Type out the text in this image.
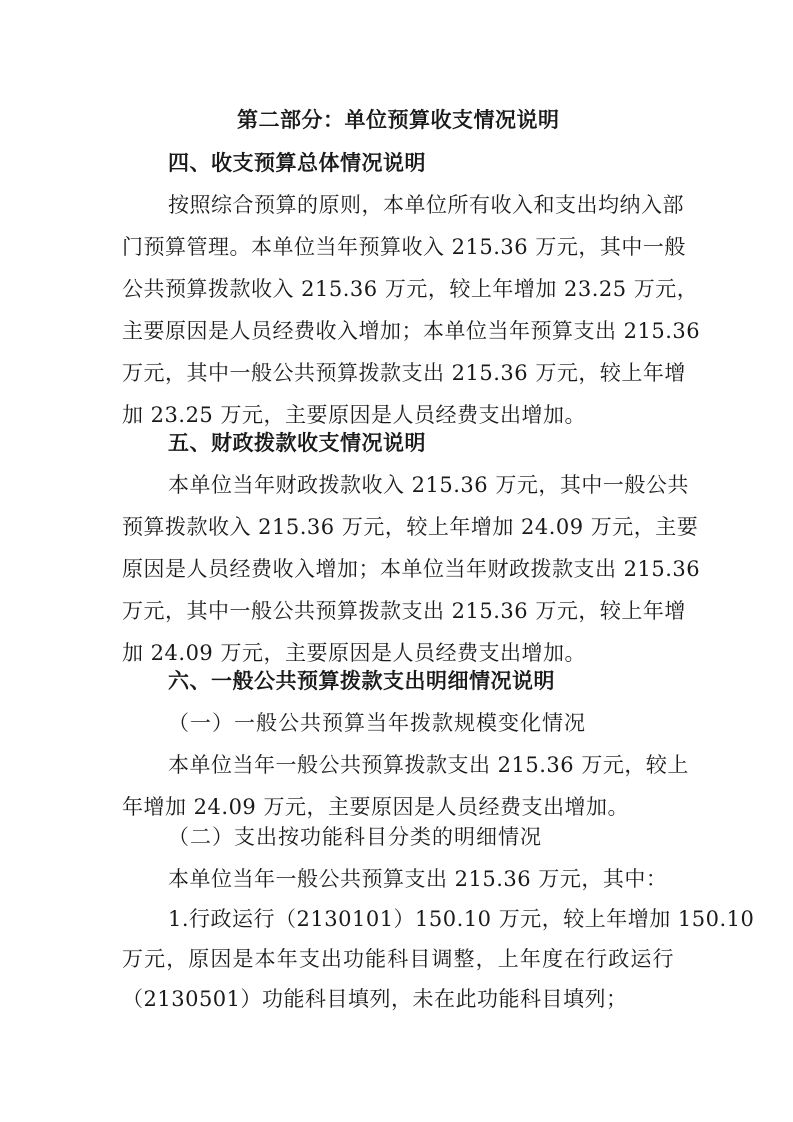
第二部分：单位预算收支情况说明
四、收支预算总体情况说明
按照综合预算的原则，本单位所有收入和支出均纳入部
门预算管理。本单位当年预算收入 215.36 万元，其中一般
公共预算拨款收入 215.36 万元，较上年增加 23.25 万元，
主要原因是人员经费收入增加；本单位当年预算支出 215.36
万元，其中一般公共预算拨款支出 215.36 万元，较上年增
加 23.25 万元，主要原因是人员经费支出增加。
五、财政拨款收支情况说明
本单位当年财政拨款收入 215.36 万元，其中一般公共
预算拨款收入 215.36 万元，较上年增加 24.09 万元，主要
原因是人员经费收入增加；本单位当年财政拨款支出 215.36
万元，其中一般公共预算拨款支出 215.36 万元，较上年增
加 24.09 万元，主要原因是人员经费支出增加。
六、一般公共预算拨款支出明细情况说明
（一）一般公共预算当年拨款规模变化情况
本单位当年一般公共预算拨款支出 215.36 万元，较上
年增加 24.09 万元，主要原因是人员经费支出增加。
（二）支出按功能科目分类的明细情况
本单位当年一般公共预算支出 215.36 万元，其中：
1.行政运行（2130101）150.10 万元，较上年增加 150.10
万元，原因是本年支出功能科目调整，上年度在行政运行
（2130501）功能科目填列，未在此功能科目填列；
